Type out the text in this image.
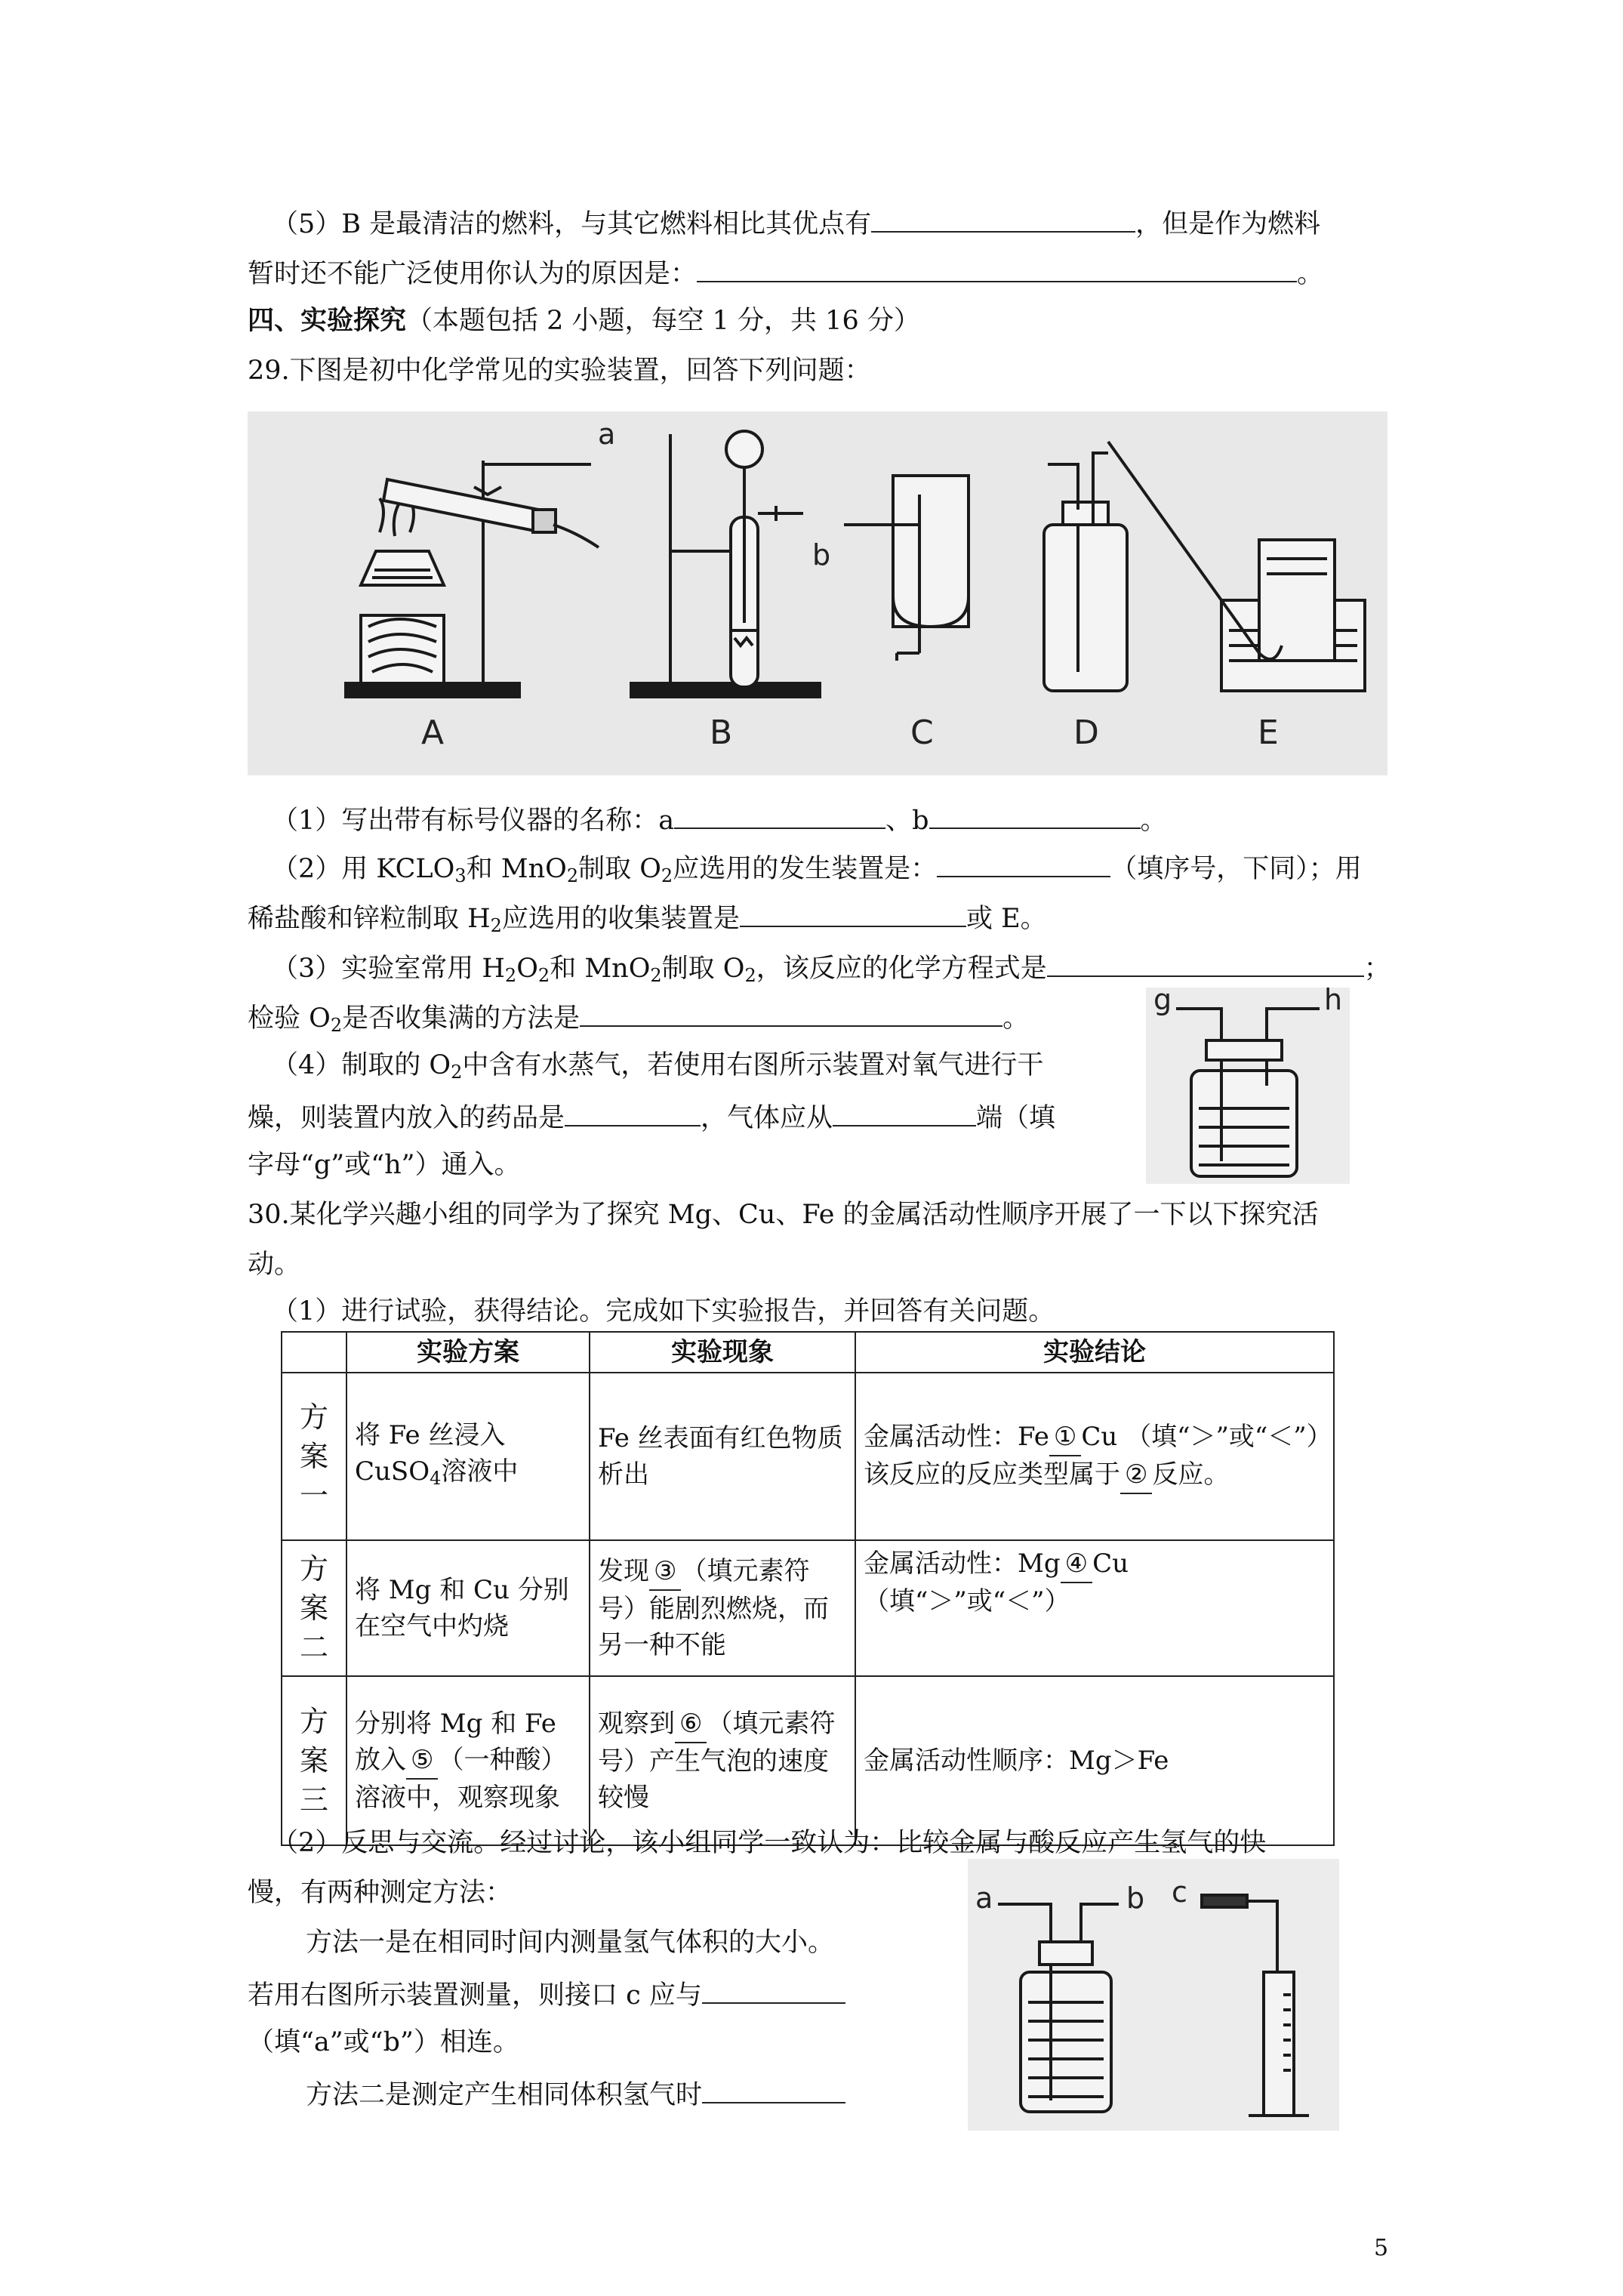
（5）B 是最清洁的燃料，与其它燃料相比其优点有	，但是作为燃料
暂时还不能广泛使用你认为的原因是：	。
四、实验探究（本题包括 2 小题，每空 1 分，共 16 分）
29.下图是初中化学常见的实验装置，回答下列问题：
a
b
A	B	C	D	E
（1）写出带有标号仪器的名称：a	、b	。
（2）用 $KCLO_3$和 MnO$_2$制取 $O_2$应选用的发生装置是：	（填序号，下同）；用
稀盐酸和锌粒制取 $H_2$应选用的收集装置是	或 E。
（3）实验室常用 $H_2O_2$和 MnO$_2$制取 $O_2$，该反应的化学方程式是	；
检验 $O_2$是否收集满的方法是	。
（4）制取的 $O_2$中含有水蒸气，若使用右图所示装置对氧气进行干
燥，则装置内放入的药品是	，气体应从	端（填
字母“g”或“h”）通入。
g	h
30.某化学兴趣小组的同学为了探究 Mg、Cu、Fe 的金属活动性顺序开展了一下以下探究活
动。
（1）进行试验，获得结论。完成如下实验报告，并回答有关问题。
	实验方案	实验现象	实验结论
方案一	将 Fe 丝浸入
CuSO$_4$溶液中	Fe 丝表面有红色物质析出	金属活动性：Fe ① Cu （填“＞”或“＜”）该反应的反应类型属于 ② 反应。
方案二	将 Mg 和 Cu 分别在空气中灼烧	发现 ③ （填元素符号）能剧烈燃烧，而另一种不能	金属活动性：Mg ④ Cu （填“＞”或“＜”）
方案三	分别将 Mg 和 Fe 放入 ⑤ （一种酸）溶液中，观察现象	观察到 ⑥ （填元素符号）产生气泡的速度较慢	金属活动性顺序：Mg＞Fe
（2）反思与交流。经过讨论，该小组同学一致认为：比较金属与酸反应产生氢气的快
慢，有两种测定方法：
方法一是在相同时间内测量氢气体积的大小。
若用右图所示装置测量，则接口 c 应与
（填“a”或“b”）相连。
方法二是测定产生相同体积氢气时
a	b c
5
